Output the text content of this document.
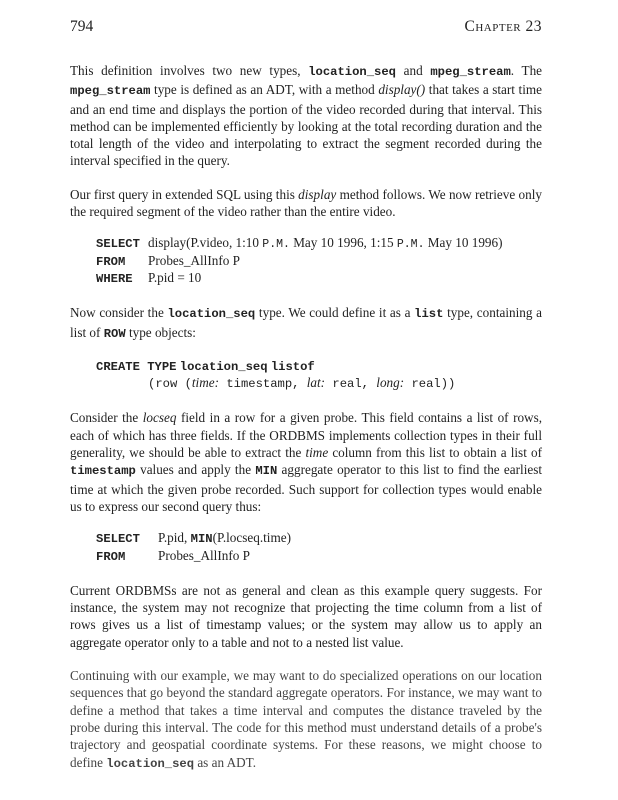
794	Chapter 23

This definition involves two new types, location_seq and mpeg_stream. The mpeg_stream type is defined as an ADT, with a method display() that takes a start time and an end time and displays the portion of the video recorded during that interval. This method can be implemented efficiently by looking at the total recording duration and the total length of the video and interpolating to extract the segment recorded during the interval specified in the query.

Our first query in extended SQL using this display method follows. We now retrieve only the required segment of the video rather than the entire video.

SELECT display(P.video, 1:10 P.M. May 10 1996, 1:15 P.M. May 10 1996)
FROM Probes_AllInfo P
WHERE P.pid = 10

Now consider the location_seq type. We could define it as a list type, containing a list of ROW type objects:

CREATE TYPE location_seq listof
(row (time: timestamp, lat: real, long: real))

Consider the locseq field in a row for a given probe. This field contains a list of rows, each of which has three fields. If the ORDBMS implements collection types in their full generality, we should be able to extract the time column from this list to obtain a list of timestamp values and apply the MIN aggregate operator to this list to find the earliest time at which the given probe recorded. Such support for collection types would enable us to express our second query thus:

SELECT P.pid, MIN(P.locseq.time)
FROM Probes_AllInfo P

Current ORDBMSs are not as general and clean as this example query suggests. For instance, the system may not recognize that projecting the time column from a list of rows gives us a list of timestamp values; or the system may allow us to apply an aggregate operator only to a table and not to a nested list value.

Continuing with our example, we may want to do specialized operations on our location sequences that go beyond the standard aggregate operators. For instance, we may want to define a method that takes a time interval and computes the distance traveled by the probe during this interval. The code for this method must understand details of a probe's trajectory and geospatial coordinate systems. For these reasons, we might choose to define location_seq as an ADT.
